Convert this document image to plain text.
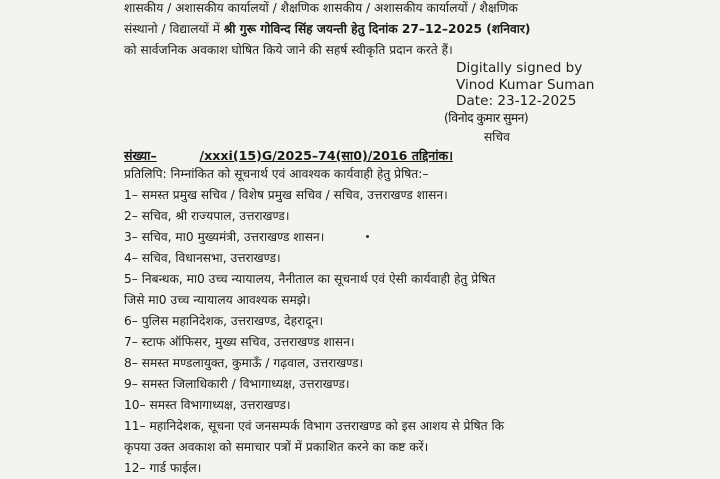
शासकीय / अशासकीय कार्यालयों / शैक्षणिक शासकीय / अशासकीय कार्यालयों / शैक्षणिक

संस्थानो / विद्यालयों में श्री गुरू गोविन्द सिंह जयन्ती हेतु दिनांक 27–12–2025 (शनिवार)

को सार्वजनिक अवकाश घोषित किये जाने की सहर्ष स्वीकृति प्रदान करते हैं।

Digitally signed by
Vinod Kumar Suman
Date: 23-12-2025
(विनोद कुमार सुमन)
सचिव
संख्या–	/xxxi(15)G/2025–74(सा0)/2016 तद्दिनांक।
प्रतिलिपि: निम्नांकित को सूचनार्थ एवं आवश्यक कार्यवाही हेतु प्रेषित:–
1– समस्त प्रमुख सचिव / विशेष प्रमुख सचिव / सचिव, उत्तराखण्ड शासन।
2– सचिव, श्री राज्यपाल, उत्तराखण्ड।
3– सचिव, मा0 मुख्यमंत्री, उत्तराखण्ड शासन।
4– सचिव, विधानसभा, उत्तराखण्ड।
5– निबन्धक, मा0 उच्च न्यायालय, नैनीताल का सूचनार्थ एवं ऐसी कार्यवाही हेतु प्रेषित
जिसे मा0 उच्च न्यायालय आवश्यक समझे।
6– पुलिस महानिदेशक, उत्तराखण्ड, देहरादून।
7– स्टाफ ऑफिसर, मुख्य सचिव, उत्तराखण्ड शासन।
8– समस्त मण्डलायुक्त, कुमाऊँ / गढ़वाल, उत्तराखण्ड।
9– समस्त जिलाधिकारी / विभागाध्यक्ष, उत्तराखण्ड।
10– समस्त विभागाध्यक्ष, उत्तराखण्ड।
11– महानिदेशक, सूचना एवं जनसम्पर्क विभाग उत्तराखण्ड को इस आशय से प्रेषित कि
कृपया उक्त अवकाश को समाचार पत्रों में प्रकाशित करने का कष्ट करें।
12– गार्ड फाईल।
